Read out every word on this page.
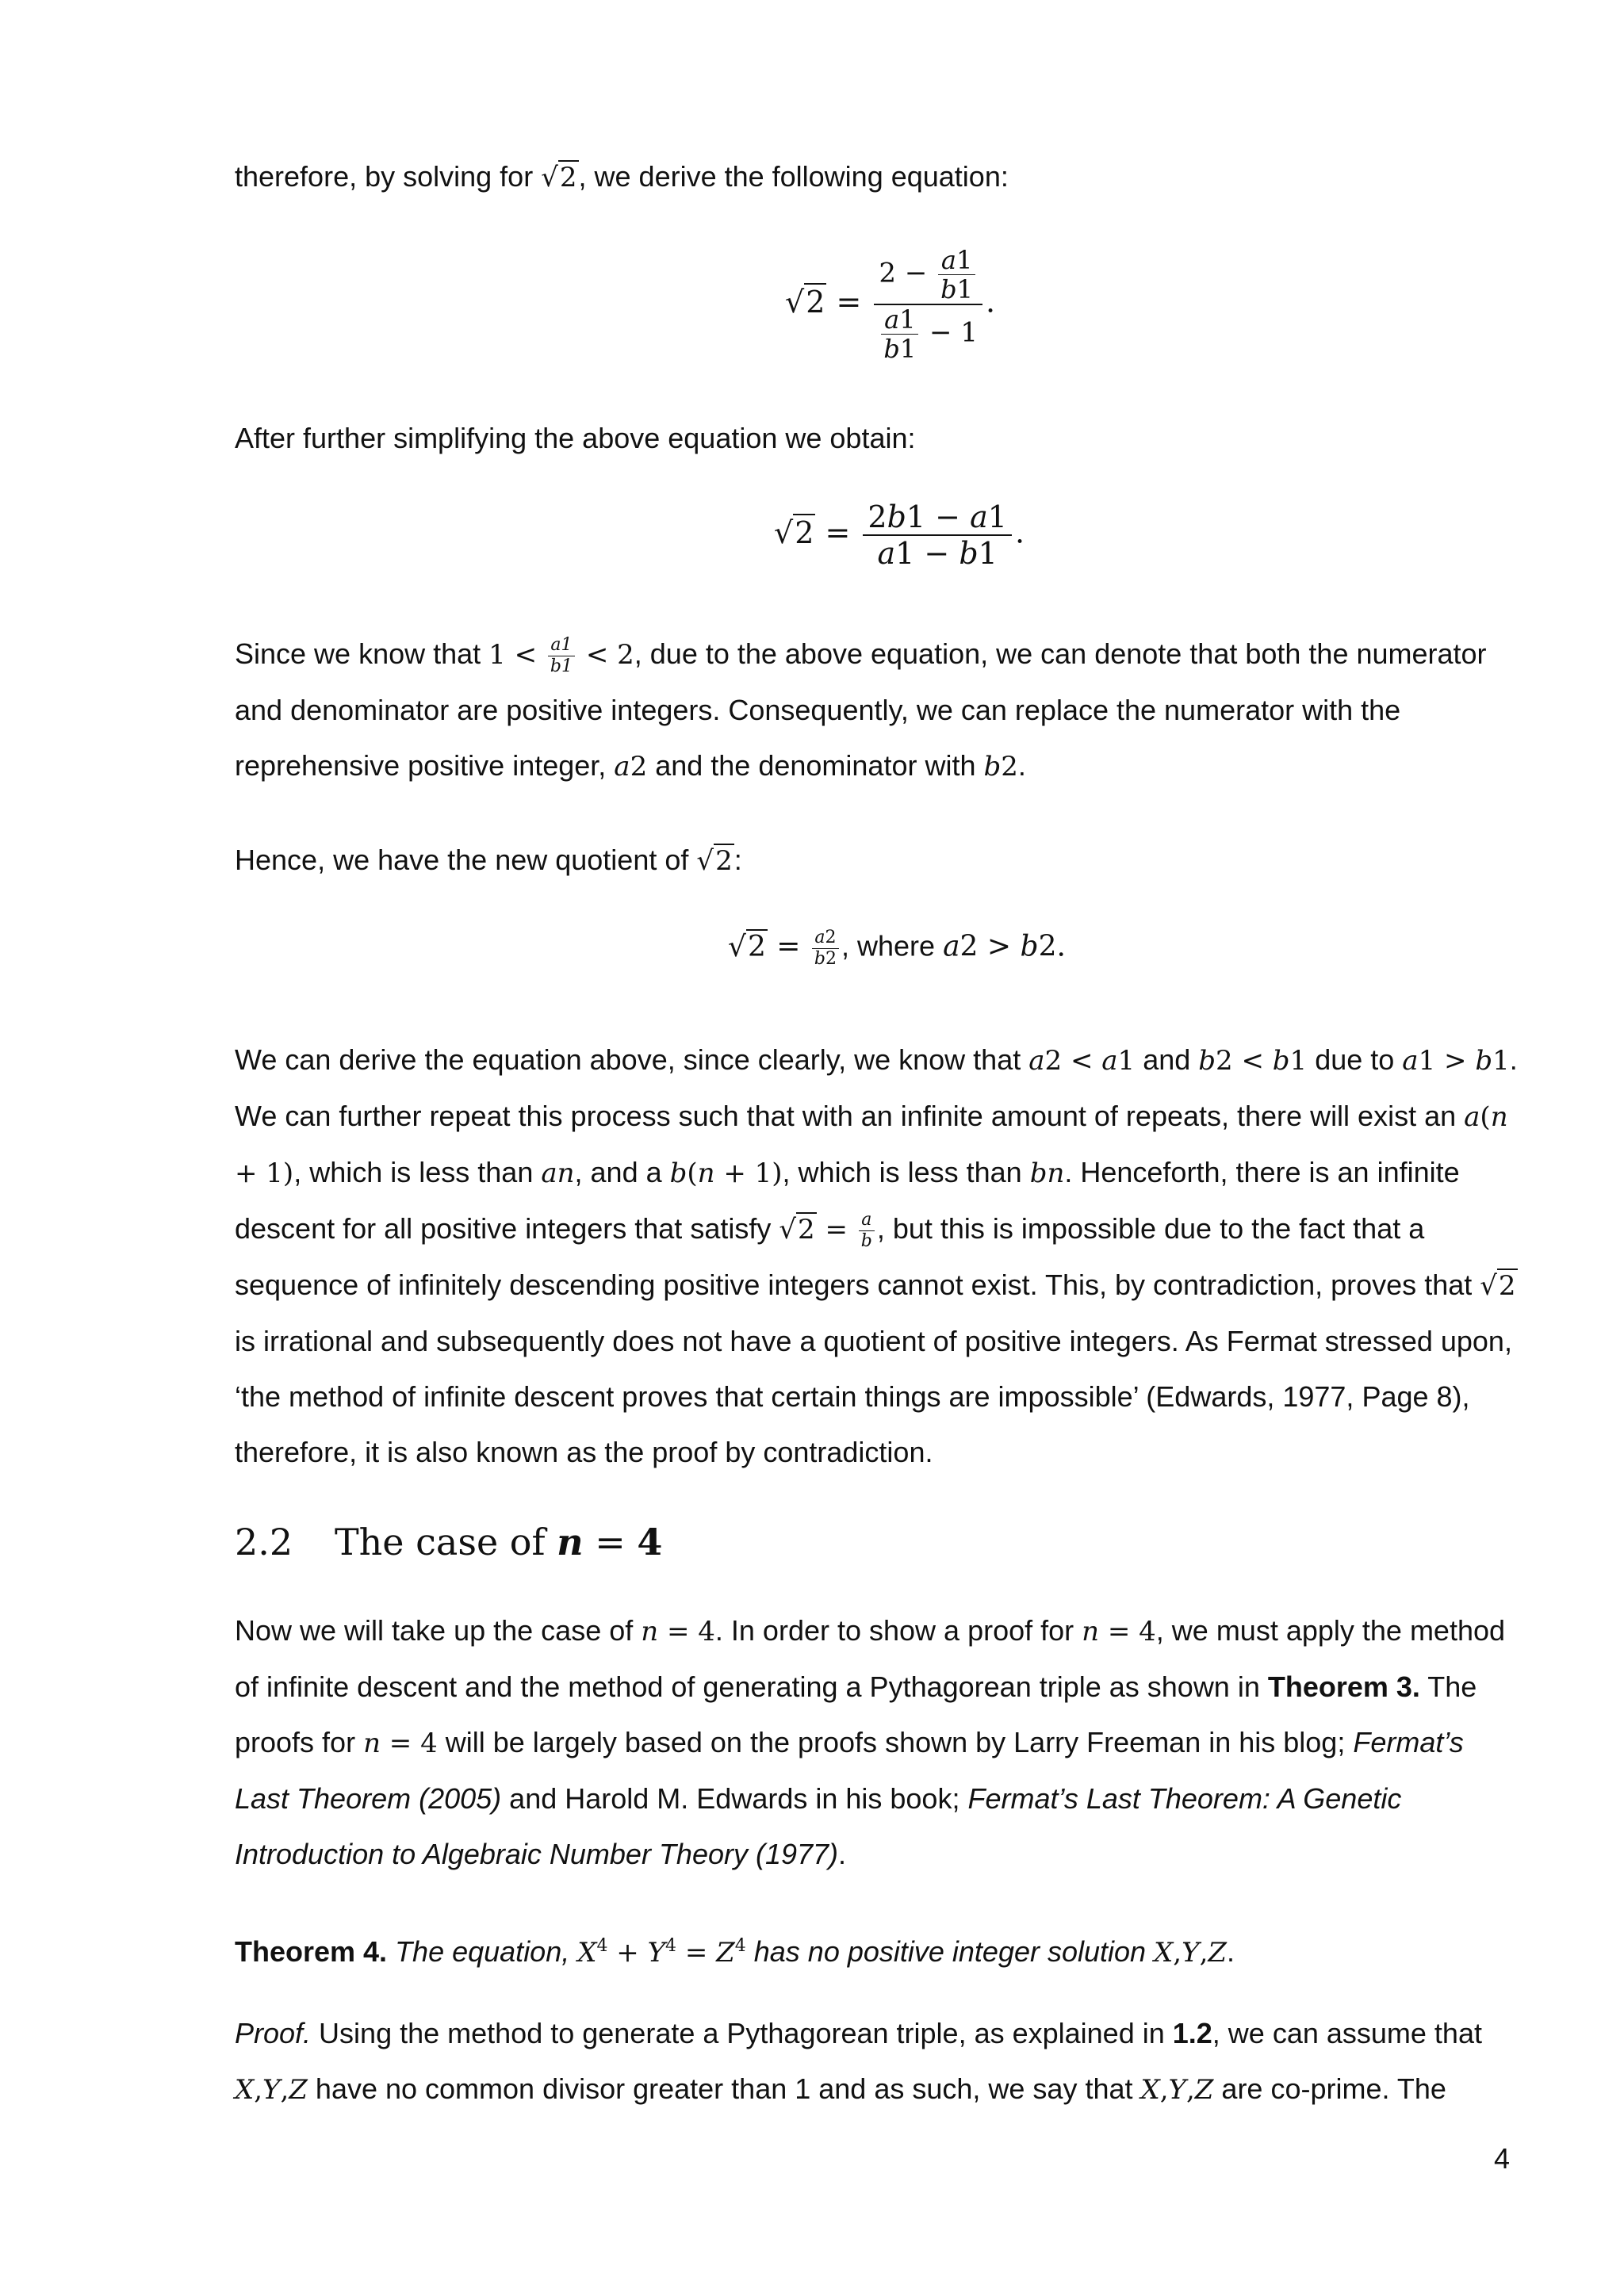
therefore, by solving for √2, we derive the following equation:

$√2 = \frac{2 - \frac{a1}{b1}}{\frac{a1}{b1} - 1}$ .

After further simplifying the above equation we obtain:

$√2 = \frac{2b1 - a1}{a1 - b1}$ .

Since we know that $1 < \frac{a1}{b1} < 2$, due to the above equation, we can denote that both the numerator and denominator are positive integers. Consequently, we can replace the numerator with the reprehensive positive integer, a2 and the denominator with b2.

Hence, we have the new quotient of √2:

$√2 = \frac{a2}{b2}$ , where a2 > b2.

We can derive the equation above, since clearly, we know that a2 < a1 and b2 < b1 due to a1 > b1. We can further repeat this process such that with an infinite amount of repeats, there will exist an a(n + 1), which is less than an, and a b(n + 1), which is less than bn. Henceforth, there is an infinite descent for all positive integers that satisfy $√2 = \frac{a}{b}$ , but this is impossible due to the fact that a sequence of infinitely descending positive integers cannot exist. This, by contradiction, proves that √2 is irrational and subsequently does not have a quotient of positive integers. As Fermat stressed upon, ‘the method of infinite descent proves that certain things are impossible’ (Edwards, 1977, Page 8), therefore, it is also known as the proof by contradiction.

2.2 The case of n = 4

Now we will take up the case of n = 4. In order to show a proof for n = 4, we must apply the method of infinite descent and the method of generating a Pythagorean triple as shown in Theorem 3. The proofs for n = 4 will be largely based on the proofs shown by Larry Freeman in his blog; Fermat’s Last Theorem (2005) and Harold M. Edwards in his book; Fermat’s Last Theorem: A Genetic Introduction to Algebraic Number Theory (1977).

Theorem 4. The equation, $X^4 + Y^4 = Z^4$ has no positive integer solution X,Y,Z.

Proof. Using the method to generate a Pythagorean triple, as explained in 1.2, we can assume that X,Y,Z have no common divisor greater than 1 and as such, we say that X,Y,Z are co-prime. The

4
